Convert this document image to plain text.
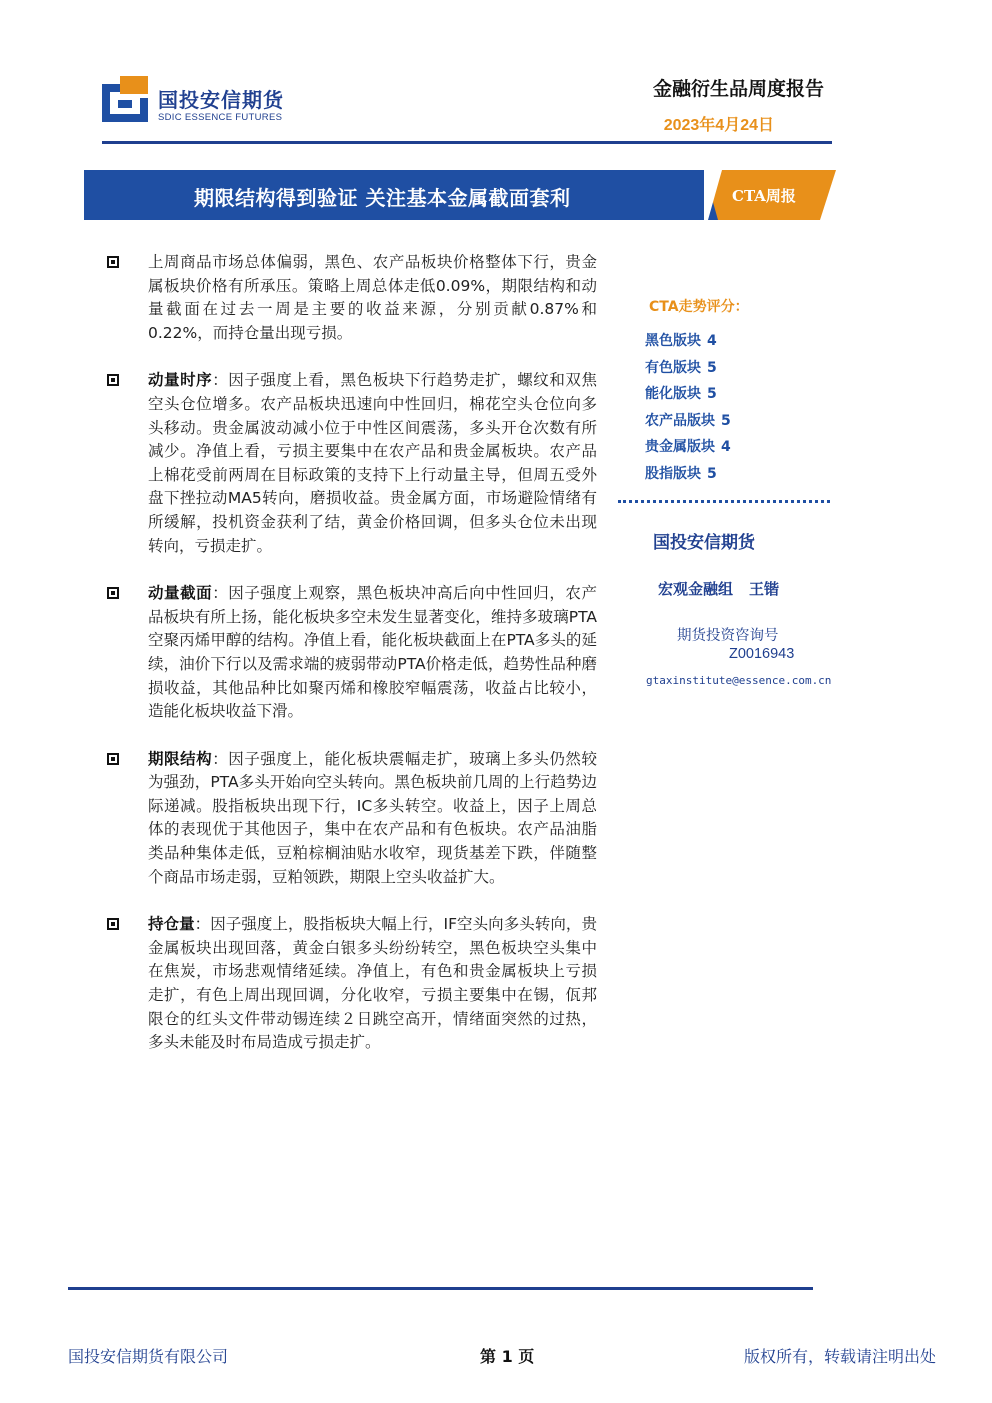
国投安信期货
SDIC ESSENCE FUTURES
金融衍生品周度报告
2023年4月24日
期限结构得到验证 关注基本金属截面套利	CTA周报
上周商品市场总体偏弱，黑色、农产品板块价格整体下行，贵金属板块价格有所承压。策略上周总体走低0.09%，期限结构和动量截面在过去一周是主要的收益来源，分别贡献0.87%和0.22%，而持仓量出现亏损。
动量时序：因子强度上看，黑色板块下行趋势走扩，螺纹和双焦空头仓位增多。农产品板块迅速向中性回归，棉花空头仓位向多头移动。贵金属波动减小位于中性区间震荡，多头开仓次数有所减少。净值上看，亏损主要集中在农产品和贵金属板块。农产品上棉花受前两周在目标政策的支持下上行动量主导，但周五受外盘下挫拉动MA5转向，磨损收益。贵金属方面，市场避险情绪有所缓解，投机资金获利了结，黄金价格回调，但多头仓位未出现转向，亏损走扩。
动量截面：因子强度上观察，黑色板块冲高后向中性回归，农产品板块有所上扬，能化板块多空未发生显著变化，维持多玻璃PTA空聚丙烯甲醇的结构。净值上看，能化板块截面上在PTA多头的延续，油价下行以及需求端的疲弱带动PTA价格走低，趋势性品种磨损收益，其他品种比如聚丙烯和橡胶窄幅震荡，收益占比较小，造能化板块收益下滑。
期限结构：因子强度上，能化板块震幅走扩，玻璃上多头仍然较为强劲，PTA多头开始向空头转向。黑色板块前几周的上行趋势边际递减。股指板块出现下行，IC多头转空。收益上，因子上周总体的表现优于其他因子，集中在农产品和有色板块。农产品油脂类品种集体走低，豆粕棕榈油贴水收窄，现货基差下跌，伴随整个商品市场走弱，豆粕领跌，期限上空头收益扩大。
持仓量：因子强度上，股指板块大幅上行，IF空头向多头转向，贵金属板块出现回落，黄金白银多头纷纷转空，黑色板块空头集中在焦炭，市场悲观情绪延续。净值上，有色和贵金属板块上亏损走扩，有色上周出现回调，分化收窄，亏损主要集中在锡，佤邦限仓的红头文件带动锡连续２日跳空高开，情绪面突然的过热，多头未能及时布局造成亏损走扩。
CTA走势评分：
黑色版块 4
有色版块 5
能化版块 5
农产品版块 5
贵金属版块 4
股指版块 5
国投安信期货
宏观金融组 王锴
期货投资咨询号
Z0016943
gtaxinstitute@essence.com.cn
国投安信期货有限公司	第 1 页	版权所有，转载请注明出处
